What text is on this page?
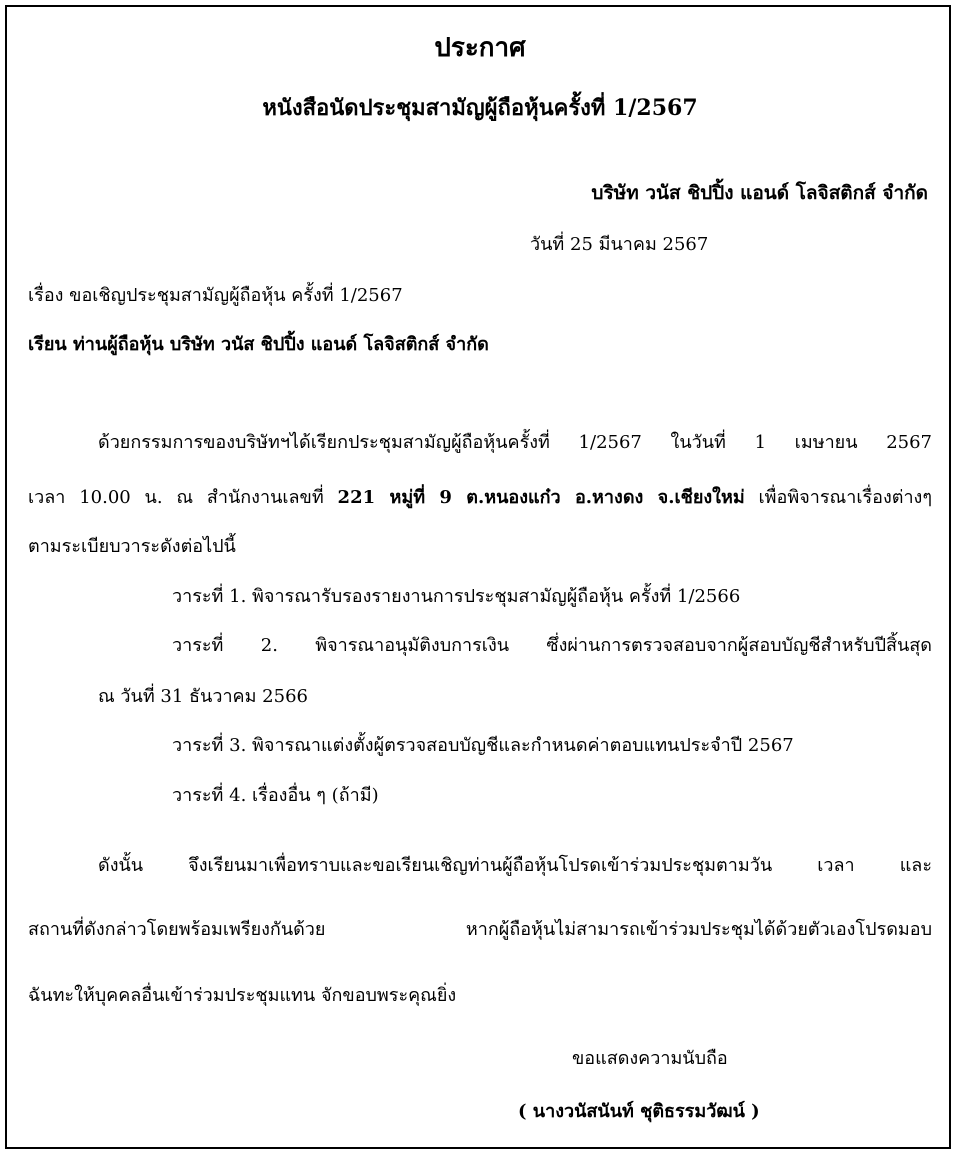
ประกาศ
หนังสือนัดประชุมสามัญผู้ถือหุ้นครั้งที่ 1/2567
บริษัท วนัส ชิปปิ้ง แอนด์ โลจิสติกส์ จำกัด
วันที่ 25 มีนาคม 2567
เรื่อง ขอเชิญประชุมสามัญผู้ถือหุ้น ครั้งที่ 1/2567
เรียน ท่านผู้ถือหุ้น บริษัท วนัส ชิปปิ้ง แอนด์ โลจิสติกส์ จำกัด
ด้วยกรรมการของบริษัทฯได้เรียกประชุมสามัญผู้ถือหุ้นครั้งที่ 1/2567 ในวันที่ 1 เมษายน 2567
เวลา 10.00 น. ณ สำนักงานเลขที่ 221 หมู่ที่ 9 ต.หนองแก๋ว อ.หางดง จ.เชียงใหม่ เพื่อพิจารณาเรื่องต่างๆ
ตามระเบียบวาระดังต่อไปนี้
วาระที่ 1. พิจารณารับรองรายงานการประชุมสามัญผู้ถือหุ้น ครั้งที่ 1/2566
วาระที่ 2. พิจารณาอนุมัติงบการเงิน ซึ่งผ่านการตรวจสอบจากผู้สอบบัญชีสำหรับปีสิ้นสุด
ณ วันที่ 31 ธันวาคม 2566
วาระที่ 3. พิจารณาแต่งตั้งผู้ตรวจสอบบัญชีและกำหนดค่าตอบแทนประจำปี 2567
วาระที่ 4. เรื่องอื่น ๆ (ถ้ามี)
ดังนั้น จึงเรียนมาเพื่อทราบและขอเรียนเชิญท่านผู้ถือหุ้นโปรดเข้าร่วมประชุมตามวัน เวลา และ
สถานที่ดังกล่าวโดยพร้อมเพรียงกันด้วย หากผู้ถือหุ้นไม่สามารถเข้าร่วมประชุมได้ด้วยตัวเองโปรดมอบ
ฉันทะให้บุคคลอื่นเข้าร่วมประชุมแทน จักขอบพระคุณยิ่ง
ขอแสดงความนับถือ
( นางวนัสนันท์ ชุติธรรมวัฒน์ )
